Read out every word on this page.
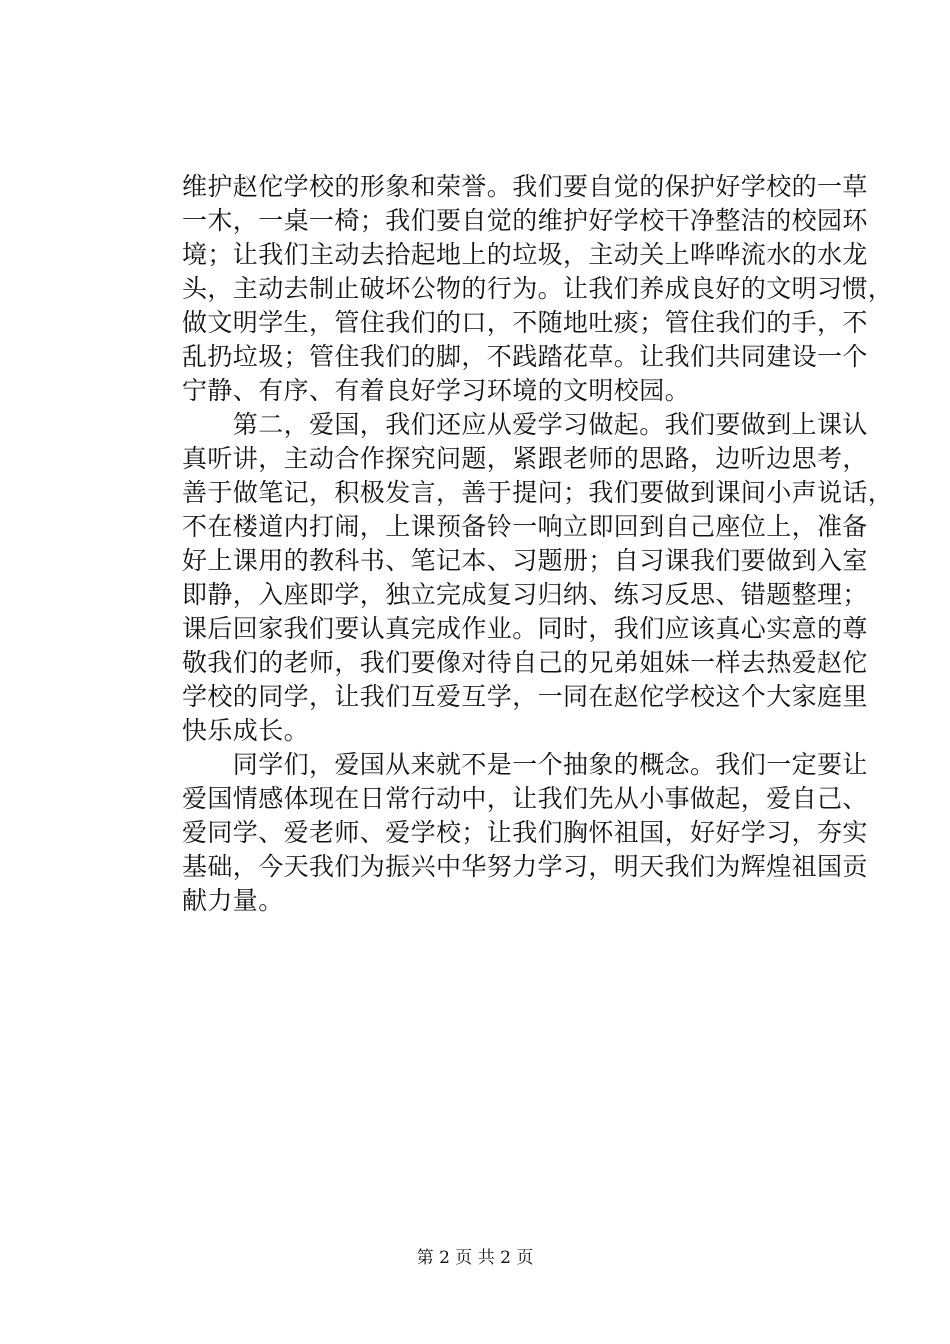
维护赵佗学校的形象和荣誉。我们要自觉的保护好学校的一草
一木，一桌一椅；我们要自觉的维护好学校干净整洁的校园环
境；让我们主动去拾起地上的垃圾，主动关上哗哗流水的水龙
头，主动去制止破坏公物的行为。让我们养成良好的文明习惯，
做文明学生，管住我们的口，不随地吐痰；管住我们的手，不
乱扔垃圾；管住我们的脚，不践踏花草。让我们共同建设一个
宁静、有序、有着良好学习环境的文明校园。
　　第二，爱国，我们还应从爱学习做起。我们要做到上课认
真听讲，主动合作探究问题，紧跟老师的思路，边听边思考，
善于做笔记，积极发言，善于提问；我们要做到课间小声说话，
不在楼道内打闹，上课预备铃一响立即回到自己座位上，准备
好上课用的教科书、笔记本、习题册；自习课我们要做到入室
即静，入座即学，独立完成复习归纳、练习反思、错题整理；
课后回家我们要认真完成作业。同时，我们应该真心实意的尊
敬我们的老师，我们要像对待自己的兄弟姐妹一样去热爱赵佗
学校的同学，让我们互爱互学，一同在赵佗学校这个大家庭里
快乐成长。
　　同学们，爱国从来就不是一个抽象的概念。我们一定要让
爱国情感体现在日常行动中，让我们先从小事做起，爱自己、
爱同学、爱老师、爱学校；让我们胸怀祖国，好好学习，夯实
基础，今天我们为振兴中华努力学习，明天我们为辉煌祖国贡
献力量。
第 2 页 共 2 页
